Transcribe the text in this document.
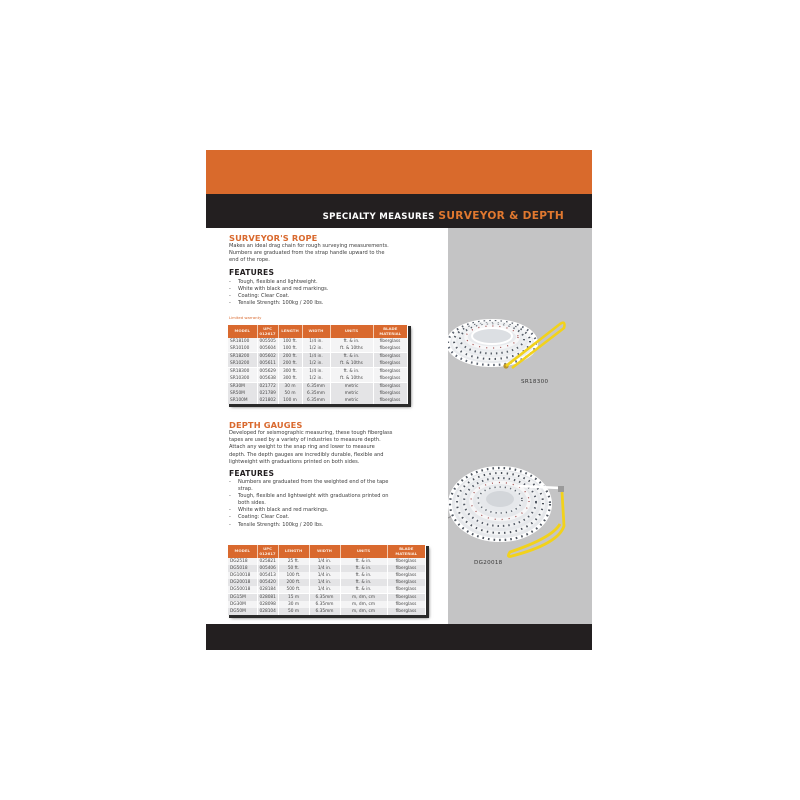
SPECIALTY MEASURES SURVEYOR & DEPTH
SR18300
DG20018
SURVEYOR'S ROPE
Makes an ideal drag chain for rough surveying measurements.
Numbers are graduated from the strap handle upward to the
end of the rope.
FEATURES
- Tough, flexible and lightweight.
- White with black and red markings.
- Coating: Clear Coat.
- Tensile Strength: 100kg / 200 lbs.
Limited warranty
MODEL	UPC 012617	LENGTH	WIDTH	UNITS	BLADE MATERIAL
SR18100	005505	100 ft.	1/4 in.	ft. & in.	fiberglass
SR10100	005604	100 ft.	1/2 in.	ft. & 10ths	fiberglass
SR18200	005602	200 ft.	1/4 in.	ft. & in.	fiberglass
SR10200	005611	200 ft.	1/2 in.	ft. & 10ths	fiberglass
SR18300	005629	300 ft.	1/4 in.	ft. & in.	fiberglass
SR10300	005638	300 ft.	1/2 in.	ft. & 10ths	fiberglass
SR30M	021772	30 m	6.35mm	metric	fiberglass
SR50M	021789	50 m	6.35mm	metric	fiberglass
SR100M	021802	100 m	6.35mm	metric	fiberglass
DEPTH GAUGES
Developed for seismographic measuring, these tough fiberglass
tapes are used by a variety of industries to measure depth.
Attach any weight to the snap ring and lower to measure
depth. The depth gauges are incredibly durable, flexible and
lightweight with graduations printed on both sides.
FEATURES
- Numbers are graduated from the weighted end of the tape strap.
- Tough, flexible and lightweight with graduations printed on both sides.
- White with black and red markings.
- Coating: Clear Coat.
- Tensile Strength: 100kg / 200 lbs.
MODEL	UPC 012617	LENGTH	WIDTH	UNITS	BLADE MATERIAL
DG2518	025821	25 ft.	1/4 in.	ft. & in.	fiberglass
DG5018	005406	50 ft.	1/4 in.	ft. & in.	fiberglass
DG10018	005413	100 ft.	1/4 in.	ft. & in.	fiberglass
DG20018	005420	200 ft.	1/4 in.	ft. & in.	fiberglass
DG50018	028184	500 ft.	1/4 in.	ft. & in.	fiberglass
DG15M	028081	15 m	6.35mm	m, dm, cm	fiberglass
DG30M	028098	30 m	6.35mm	m, dm, cm	fiberglass
DG50M	028104	50 m	6.35mm	m, dm, cm	fiberglass
